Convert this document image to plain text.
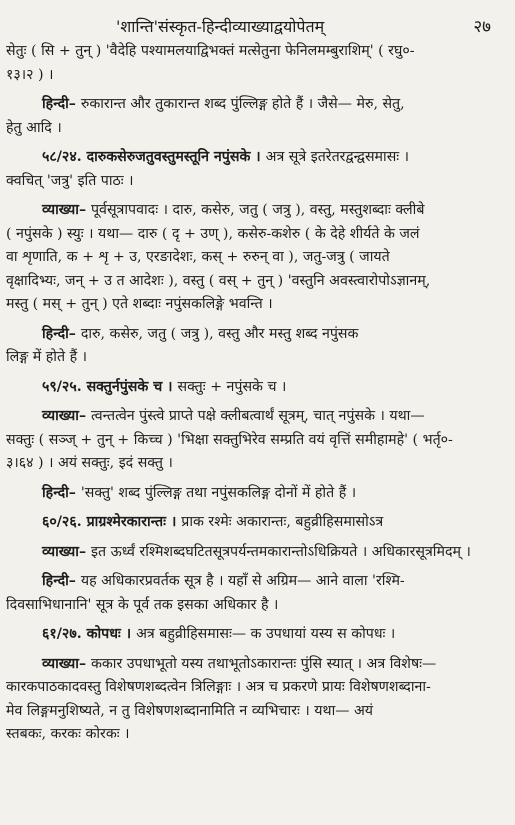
'शान्ति'संस्कृत-हिन्दीव्याख्याद्वयोपेतम्	२७
सेतुः ( सि + तुन् ) 'वैदेहि पश्यामलयाद्विभक्तं मत्सेतुना फेनिलमम्बुराशिम्' ( रघु०-
१३।२ ) ।
हिन्दी– रुकारान्त और तुकारान्त शब्द पुंल्लिङ्ग होते हैं । जैसे— मेरु, सेतु,
हेतु आदि ।
५८/२४. दारुकसेरुजतुवस्तुमस्तूनि नपुंसके । अत्र सूत्रे इतरेतरद्वन्द्वसमासः ।
क्वचित् 'जत्रु' इति पाठः ।
व्याख्या– पूर्वसूत्रापवादः । दारु, कसेरु, जतु ( जत्रु ), वस्तु, मस्तुशब्दाः क्लीबे
( नपुंसके ) स्युः । यथा— दारु ( दृ + उण् ), कसेरु-कशेरु ( के देहे शीर्यते के जलं
वा शृणाति, क + शृ + उ, एरङादेशः, कस् + रुरुन् वा ), जतु-जत्रु ( जायते
वृक्षादिभ्यः, जन् + उ त आदेशः ), वस्तु ( वस् + तुन् ) 'वस्तुनि अवस्त्वारोपोऽज्ञानम्,
मस्तु ( मस् + तुन् ) एते शब्दाः नपुंसकलिङ्गे भवन्ति ।
हिन्दी– दारु, कसेरु, जतु ( जत्रु ), वस्तु और मस्तु शब्द नपुंसक
लिङ्ग में होते हैं ।
५९/२५. सक्तुर्नपुंसके च । सक्तुः + नपुंसके च ।
व्याख्या– त्वन्तत्वेन पुंस्त्वे प्राप्ते पक्षे क्लीबत्वार्थं सूत्रम्, चात् नपुंसके । यथा—
सक्तुः ( सञ्ज् + तुन् + किच्च ) 'भिक्षा सक्तुभिरेव सम्प्रति वयं वृत्तिं समीहामहे' ( भर्तृ०-
३।६४ ) । अयं सक्तुः, इदं सक्तु ।
हिन्दी– 'सक्तु' शब्द पुंल्लिङ्ग तथा नपुंसकलिङ्ग दोनों में होते हैं ।
६०/२६. प्राग्रश्मेरकारान्तः । प्राक रश्मेः अकारान्तः, बहुव्रीहिसमासोऽत्र
व्याख्या– इत ऊर्ध्वं रश्मिशब्दघटितसूत्रपर्यन्तमकारान्तोऽधिक्रियते । अधिकारसूत्रमिदम् ।
हिन्दी– यह अधिकारप्रवर्तक सूत्र है । यहाँ से अग्रिम— आने वाला 'रश्मि-
दिवसाभिधानानि' सूत्र के पूर्व तक इसका अधिकार है ।
६१/२७. कोपधः । अत्र बहुव्रीहिसमासः— क उपधायां यस्य स कोपधः ।
व्याख्या– ककार उपधाभूतो यस्य तथाभूतोऽकारान्तः पुंसि स्यात् । अत्र विशेषः—
कारकपाठकादवस्तु विशेषणशब्दत्वेन त्रिलिङ्गाः । अत्र च प्रकरणे प्रायः विशेषणशब्दाना-
मेव लिङ्गमनुशिष्यते, न तु विशेषणशब्दानामिति न व्यभिचारः । यथा— अयं
स्तबकः, करकः कोरकः ।
